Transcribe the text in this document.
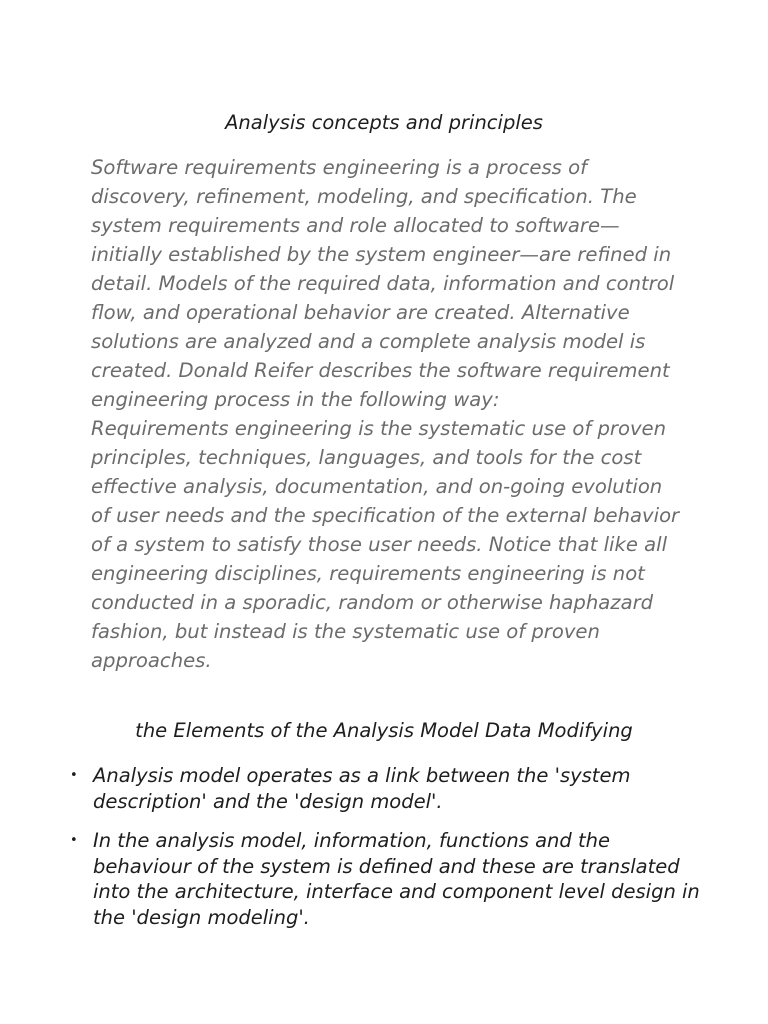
Analysis concepts and principles

Software requirements engineering is a process of discovery, refinement, modeling, and specification. The system requirements and role allocated to software—initially established by the system engineer—are refined in detail. Models of the required data, information and control flow, and operational behavior are created. Alternative solutions are analyzed and a complete analysis model is created. Donald Reifer describes the software requirement engineering process in the following way:

Requirements engineering is the systematic use of proven principles, techniques, languages, and tools for the cost effective analysis, documentation, and on-going evolution of user needs and the specification of the external behavior of a system to satisfy those user needs. Notice that like all engineering disciplines, requirements engineering is not conducted in a sporadic, random or otherwise haphazard fashion, but instead is the systematic use of proven approaches.

the Elements of the Analysis Model Data Modifying
• Analysis model operates as a link between the 'system description' and the 'design model'.
• In the analysis model, information, functions and the behaviour of the system is defined and these are translated into the architecture, interface and component level design in the 'design modeling'.
